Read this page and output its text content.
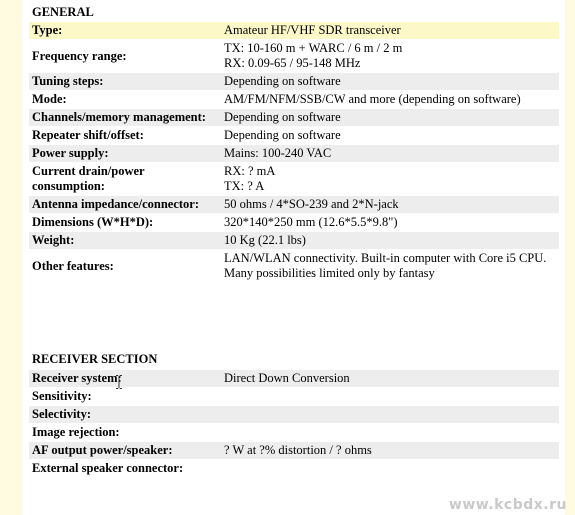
GENERAL
Type:	Amateur HF/VHF SDR transceiver
Frequency range:	TX: 10-160 m + WARC / 6 m / 2 m
RX: 0.09-65 / 95-148 MHz
Tuning steps:	Depending on software
Mode:	AM/FM/NFM/SSB/CW and more (depending on software)
Channels/memory management:	Depending on software
Repeater shift/offset:	Depending on software
Power supply:	Mains: 100-240 VAC
Current drain/power consumption:	RX: ? mA
TX: ? A
Antenna impedance/connector:	50 ohms / 4*SO-239 and 2*N-jack
Dimensions (W*H*D):	320*140*250 mm (12.6*5.5*9.8")
Weight:	10 Kg (22.1 lbs)
Other features:	LAN/WLAN connectivity. Built-in computer with Core i5 CPU.
Many possibilities limited only by fantasy
RECEIVER SECTION
Receiver system:	Direct Down Conversion
Sensitivity:	
Selectivity:	
Image rejection:	
AF output power/speaker:	? W at ?% distortion / ? ohms
External speaker connector:	
www.kcbdx.ru
